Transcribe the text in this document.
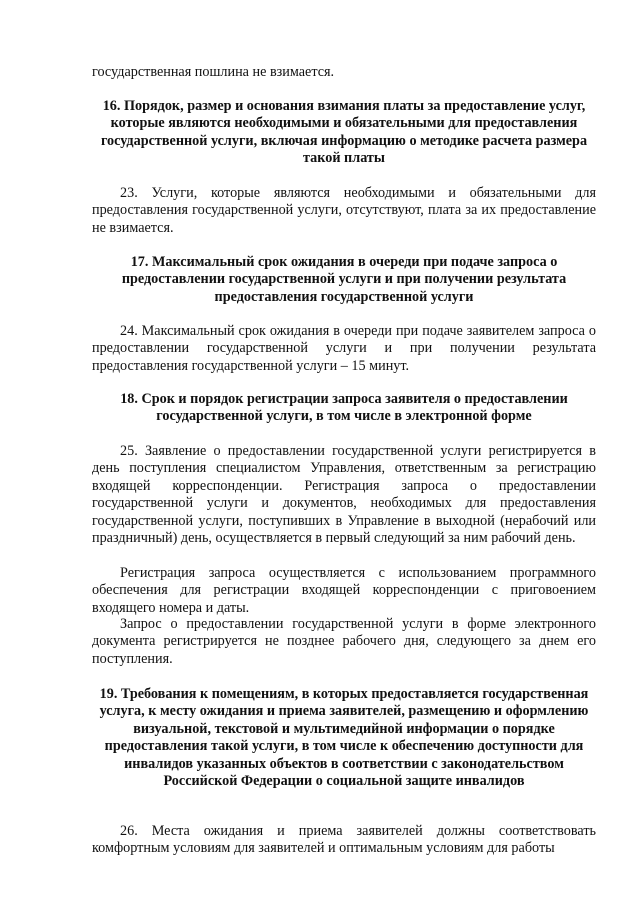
государственная пошлина не взимается.

16. Порядок, размер и основания взимания платы за предоставление услуг, которые являются необходимыми и обязательными для предоставления государственной услуги, включая информацию о методике расчета размера такой платы

23. Услуги, которые являются необходимыми и обязательными для предоставления государственной услуги, отсутствуют, плата за их предоставление не взимается.

17. Максимальный срок ожидания в очереди при подаче запроса о предоставлении государственной услуги и при получении результата предоставления государственной услуги

24. Максимальный срок ожидания в очереди при подаче заявителем запроса о предоставлении государственной услуги и при получении результата предоставления государственной услуги – 15 минут.

18. Срок и порядок регистрации запроса заявителя о предоставлении государственной услуги, в том числе в электронной форме

25. Заявление о предоставлении государственной услуги регистрируется в день поступления специалистом Управления, ответственным за регистрацию входящей корреспонденции. Регистрация запроса о предоставлении государственной услуги и документов, необходимых для предоставления государственной услуги, поступивших в Управление в выходной (нерабочий или праздничный) день, осуществляется в первый следующий за ним рабочий день.

Регистрация запроса осуществляется с использованием программного обеспечения для регистрации входящей корреспонденции с приговоением входящего номера и даты.

Запрос о предоставлении государственной услуги в форме электронного документа регистрируется не позднее рабочего дня, следующего за днем его поступления.

19. Требования к помещениям, в которых предоставляется государственная услуга, к месту ожидания и приема заявителей, размещению и оформлению визуальной, текстовой и мультимедийной информации о порядке предоставления такой услуги, в том числе к обеспечению доступности для инвалидов указанных объектов в соответствии с законодательством Российской Федерации о социальной защите инвалидов

26. Места ожидания и приема заявителей должны соответствовать комфортным условиям для заявителей и оптимальным условиям для работы
